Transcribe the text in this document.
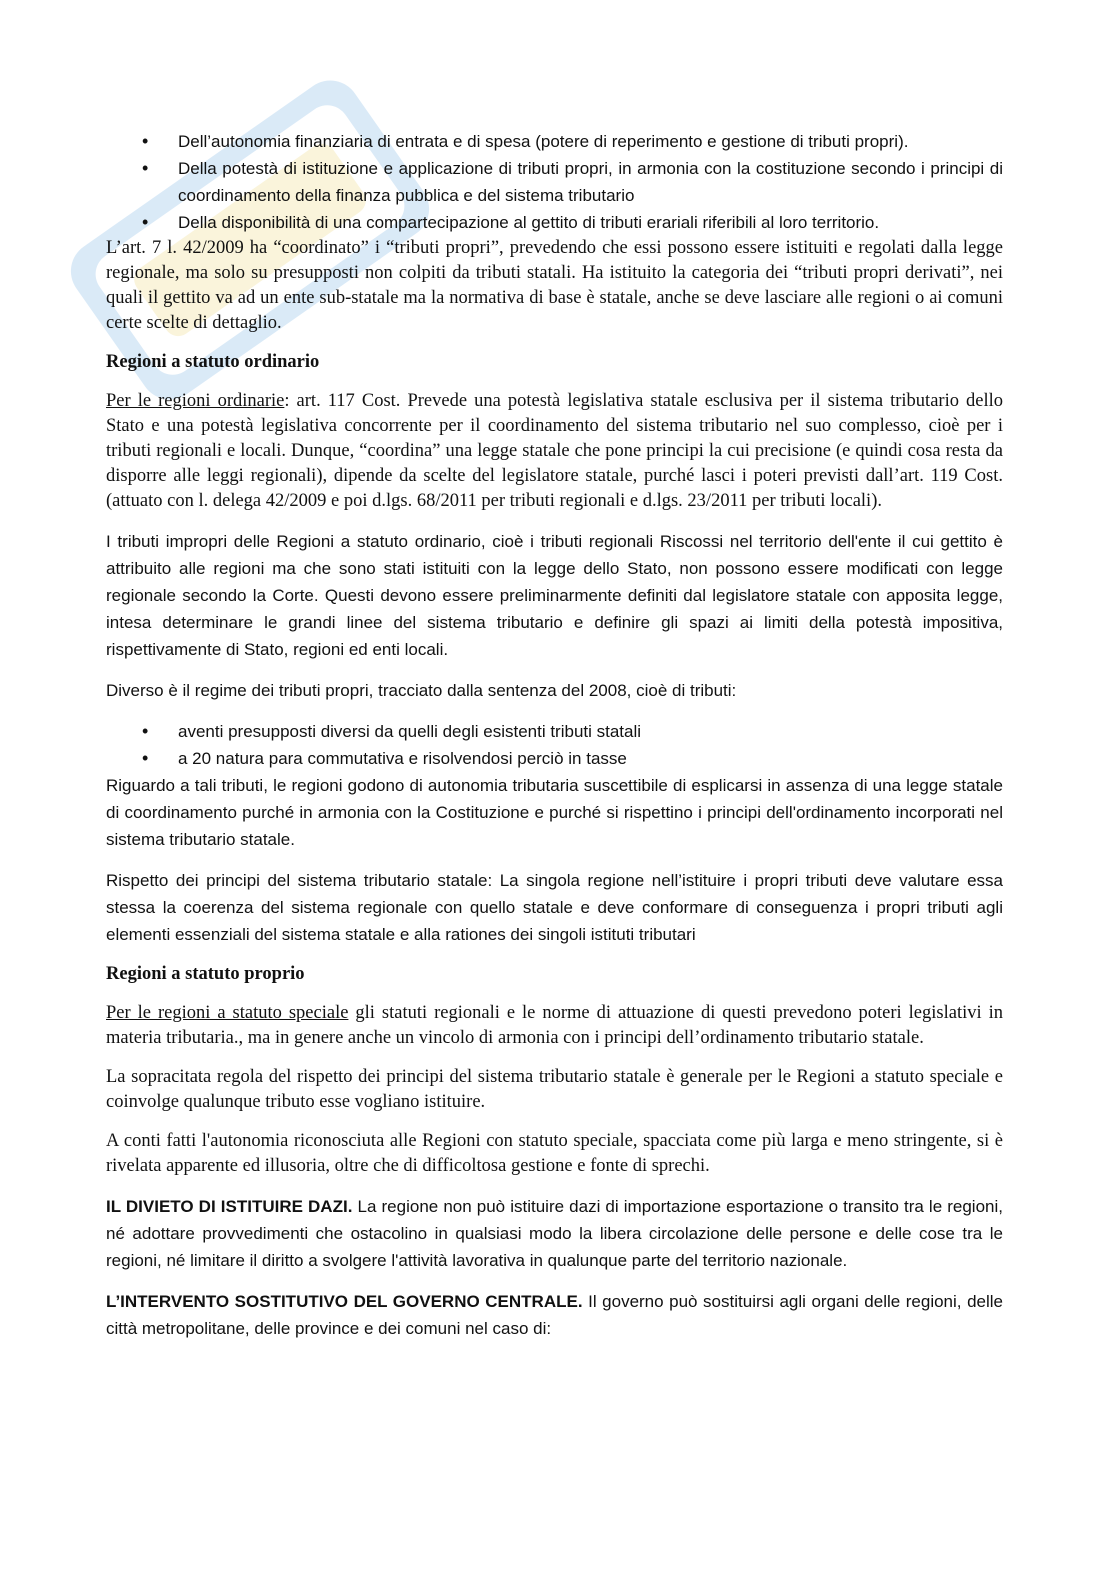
• Dell’autonomia finanziaria di entrata e di spesa (potere di reperimento e gestione di tributi propri).
• Della potestà di istituzione e applicazione di tributi propri, in armonia con la costituzione secondo i principi di coordinamento della finanza pubblica e del sistema tributario
• Della disponibilità di una compartecipazione al gettito di tributi erariali riferibili al loro territorio.

L’art. 7 l. 42/2009 ha “coordinato” i “tributi propri”, prevedendo che essi possono essere istituiti e regolati dalla legge regionale, ma solo su presupposti non colpiti da tributi statali. Ha istituito la categoria dei “tributi propri derivati”, nei quali il gettito va ad un ente sub-statale ma la normativa di base è statale, anche se deve lasciare alle regioni o ai comuni certe scelte di dettaglio.

Regioni a statuto ordinario

Per le regioni ordinarie: art. 117 Cost. Prevede una potestà legislativa statale esclusiva per il sistema tributario dello Stato e una potestà legislativa concorrente per il coordinamento del sistema tributario nel suo complesso, cioè per i tributi regionali e locali. Dunque, “coordina” una legge statale che pone principi la cui precisione (e quindi cosa resta da disporre alle leggi regionali), dipende da scelte del legislatore statale, purché lasci i poteri previsti dall’art. 119 Cost. (attuato con l. delega 42/2009 e poi d.lgs. 68/2011 per tributi regionali e d.lgs. 23/2011 per tributi locali).

I tributi impropri delle Regioni a statuto ordinario, cioè i tributi regionali Riscossi nel territorio dell'ente il cui gettito è attribuito alle regioni ma che sono stati istituiti con la legge dello Stato, non possono essere modificati con legge regionale secondo la Corte. Questi devono essere preliminarmente definiti dal legislatore statale con apposita legge, intesa determinare le grandi linee del sistema tributario e definire gli spazi ai limiti della potestà impositiva, rispettivamente di Stato, regioni ed enti locali.

Diverso è il regime dei tributi propri, tracciato dalla sentenza del 2008, cioè di tributi:

• aventi presupposti diversi da quelli degli esistenti tributi statali
• a 20 natura para commutativa e risolvendosi perciò in tasse

Riguardo a tali tributi, le regioni godono di autonomia tributaria suscettibile di esplicarsi in assenza di una legge statale di coordinamento purché in armonia con la Costituzione e purché si rispettino i principi dell'ordinamento incorporati nel sistema tributario statale.

Rispetto dei principi del sistema tributario statale: La singola regione nell’istituire i propri tributi deve valutare essa stessa la coerenza del sistema regionale con quello statale e deve conformare di conseguenza i propri tributi agli elementi essenziali del sistema statale e alla rationes dei singoli istituti tributari

Regioni a statuto proprio

Per le regioni a statuto speciale gli statuti regionali e le norme di attuazione di questi prevedono poteri legislativi in materia tributaria., ma in genere anche un vincolo di armonia con i principi dell’ordinamento tributario statale.

La sopracitata regola del rispetto dei principi del sistema tributario statale è generale per le Regioni a statuto speciale e coinvolge qualunque tributo esse vogliano istituire.

A conti fatti l'autonomia riconosciuta alle Regioni con statuto speciale, spacciata come più larga e meno stringente, si è rivelata apparente ed illusoria, oltre che di difficoltosa gestione e fonte di sprechi.

IL DIVIETO DI ISTITUIRE DAZI. La regione non può istituire dazi di importazione esportazione o transito tra le regioni, né adottare provvedimenti che ostacolino in qualsiasi modo la libera circolazione delle persone e delle cose tra le regioni, né limitare il diritto a svolgere l'attività lavorativa in qualunque parte del territorio nazionale.

L’INTERVENTO SOSTITUTIVO DEL GOVERNO CENTRALE. Il governo può sostituirsi agli organi delle regioni, delle città metropolitane, delle province e dei comuni nel caso di:
